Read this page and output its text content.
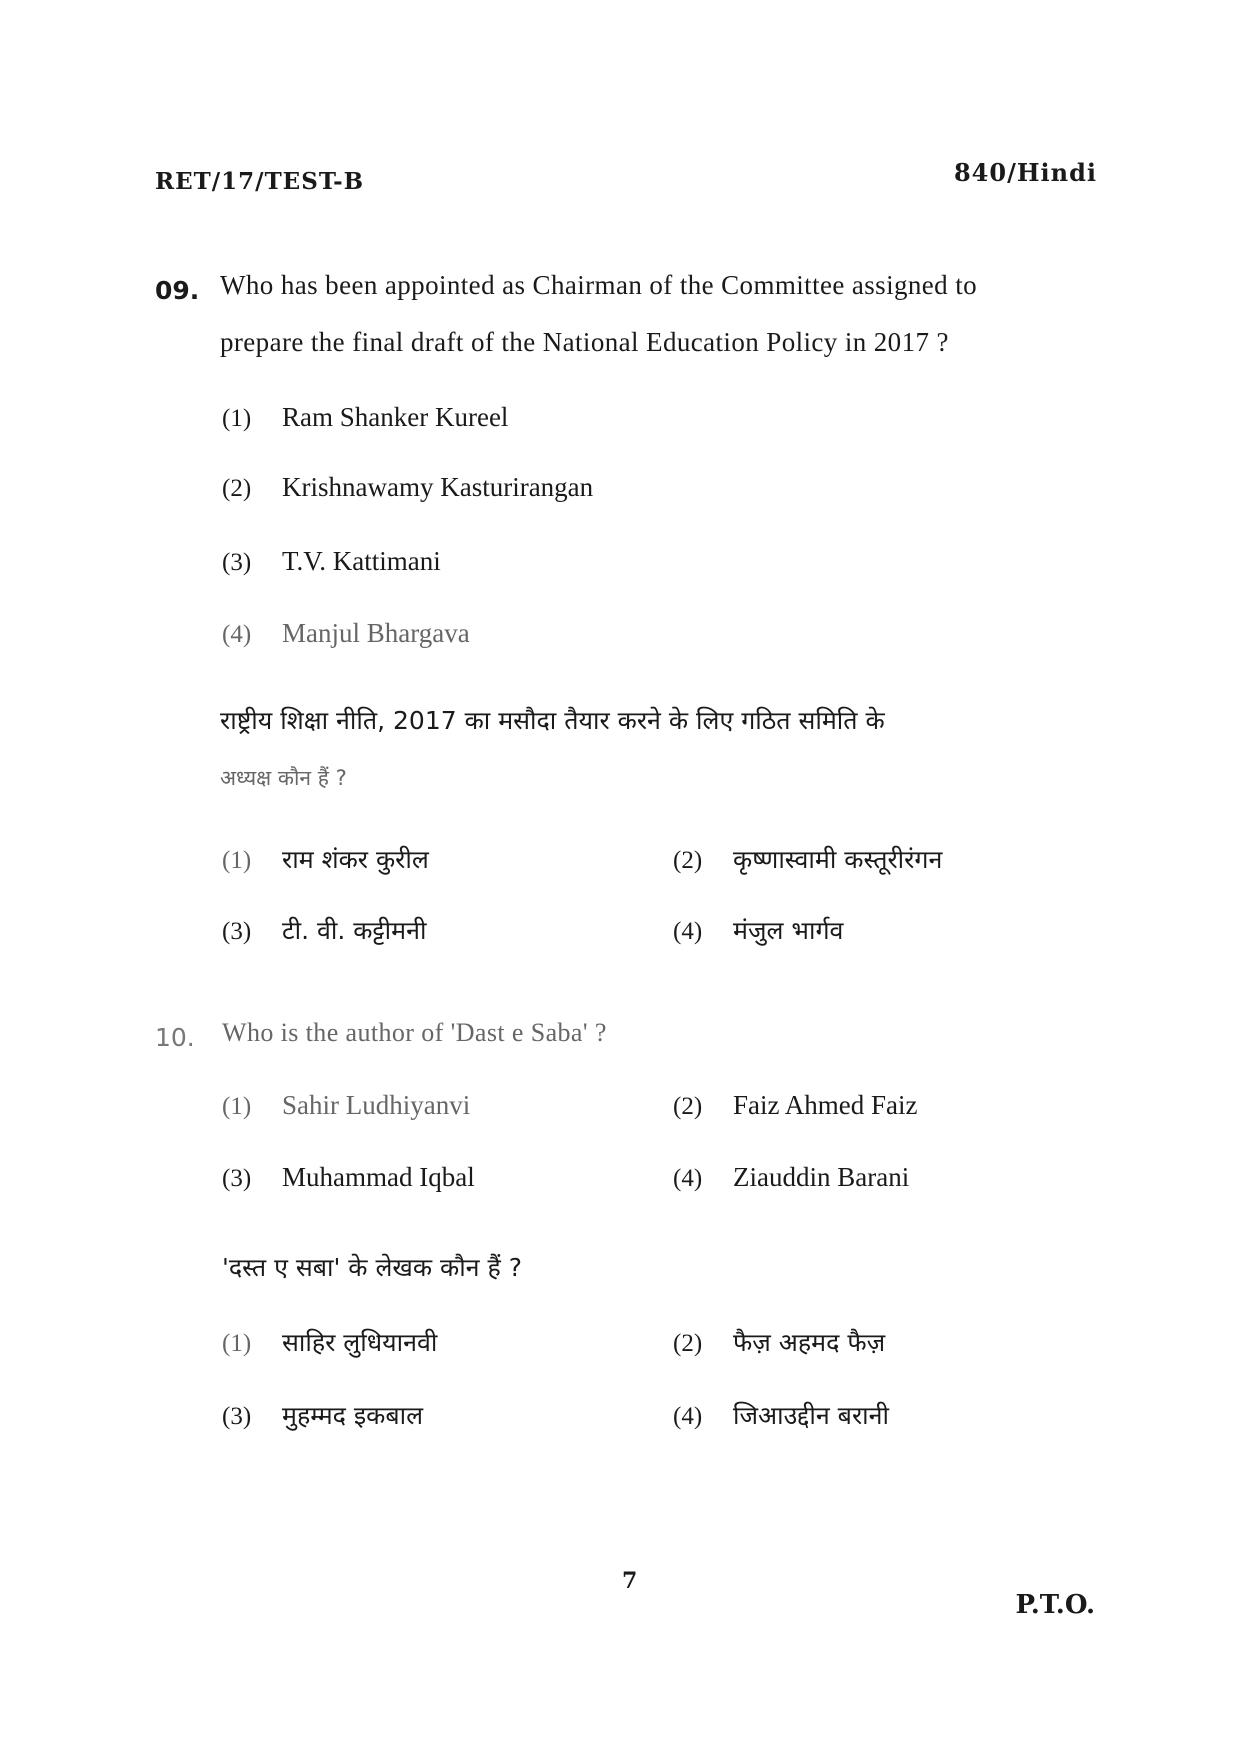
RET/17/TEST-B	840/Hindi
09. Who has been appointed as Chairman of the Committee assigned to
prepare the final draft of the National Education Policy in 2017 ?
(1) Ram Shanker Kureel
(2) Krishnawamy Kasturirangan
(3) T.V. Kattimani
(4) Manjul Bhargava
राष्ट्रीय शिक्षा नीति, 2017 का मसौदा तैयार करने के लिए गठित समिति के
अध्यक्ष कौन हैं ?
(1) राम शंकर कुरील	(2) कृष्णास्वामी कस्तूरीरंगन
(3) टी. वी. कट्टीमनी	(4) मंजुल भार्गव
10. Who is the author of 'Dast e Saba' ?
(1) Sahir Ludhiyanvi	(2) Faiz Ahmed Faiz
(3) Muhammad Iqbal	(4) Ziauddin Barani
'दस्त ए सबा' के लेखक कौन हैं ?
(1) साहिर लुधियानवी	(2) फैज़ अहमद फैज़
(3) मुहम्मद इकबाल	(4) जिआउद्दीन बरानी
7
P.T.O.
